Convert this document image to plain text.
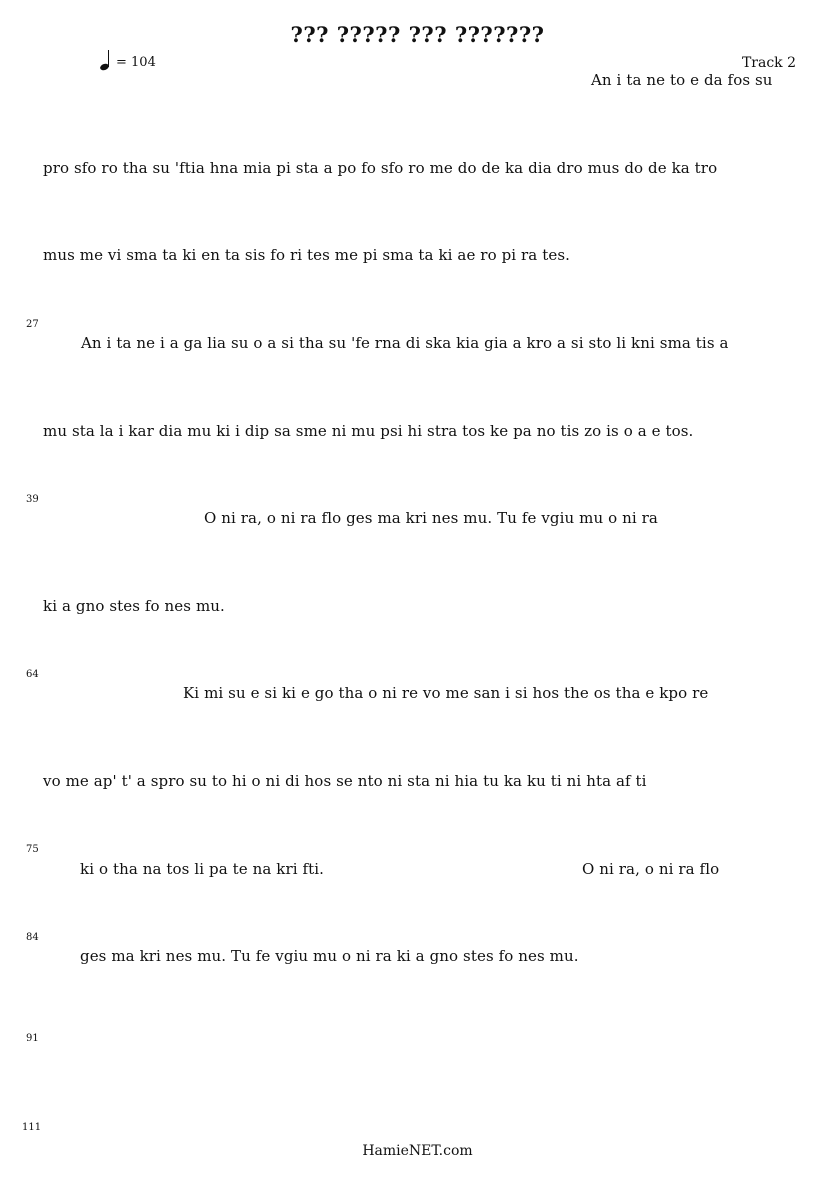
??? ????? ??? ???????
= 104	Track 2
An i ta ne to e da fos su
pro sfo ro tha su 'ftia hna mia pi sta a po fo sfo ro me do de ka dia dro mus do de ka tro
mus me vi sma ta ki en ta sis fo ri tes me pi sma ta ki ae ro pi ra tes.
27
An i ta ne i a ga lia su o a si tha su 'fe rna di ska kia gia a kro a si sto li kni sma tis a
mu sta la i kar dia mu ki i dip sa sme ni mu psi hi stra tos ke pa no tis zo is o a e tos.
39
O ni ra, o ni ra flo ges ma kri nes mu. Tu fe vgiu mu o ni ra
ki a gno stes fo nes mu.
64
Ki mi su e si ki e go tha o ni re vo me san i si hos the os tha e kpo re
vo me ap' t' a spro su to hi o ni di hos se nto ni sta ni hia tu ka ku ti ni hta af ti
75
ki o tha na tos li pa te na kri fti.	O ni ra, o ni ra flo
84
ges ma kri nes mu. Tu fe vgiu mu o ni ra ki a gno stes fo nes mu.
91
111
HamieNET.com
